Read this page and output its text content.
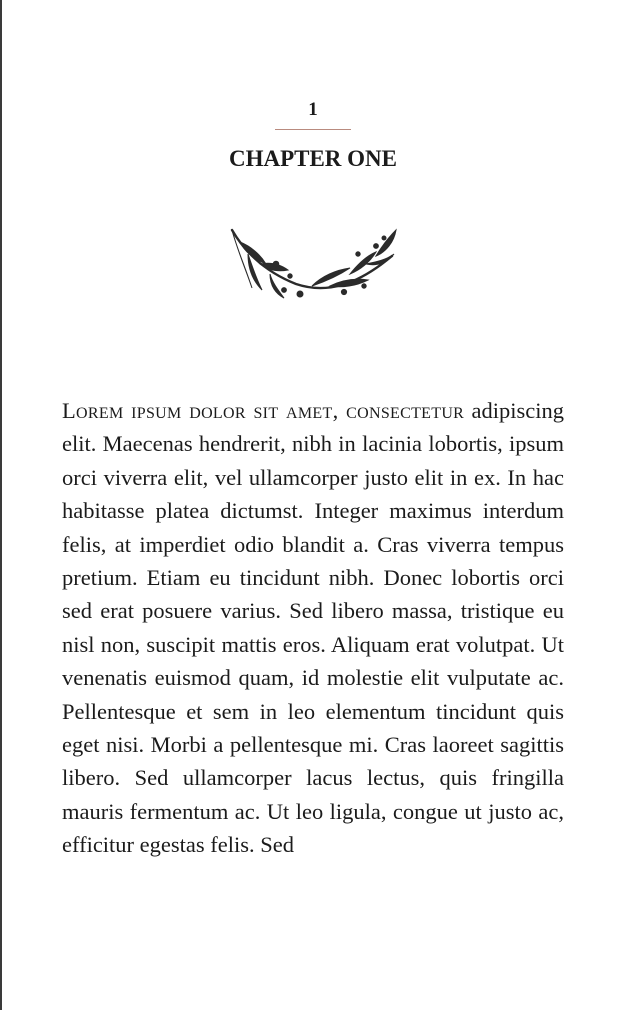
1
CHAPTER ONE

Lorem ipsum dolor sit amet, consectetur adipiscing elit. Maecenas hendrerit, nibh in lacinia lobortis, ipsum orci viverra elit, vel ullamcorper justo elit in ex. In hac habitasse platea dictumst. Integer maximus interdum felis, at imperdiet odio blandit a. Cras viverra tempus pretium. Etiam eu tincidunt nibh. Donec lobortis orci sed erat posuere varius. Sed libero massa, tristique eu nisl non, suscipit mattis eros. Aliquam erat volutpat. Ut venenatis euismod quam, id molestie elit vulputate ac. Pellentesque et sem in leo elementum tincidunt quis eget nisi. Morbi a pellentesque mi. Cras laoreet sagittis libero. Sed ullamcorper lacus lectus, quis fringilla mauris fermentum ac. Ut leo ligula, congue ut justo ac, efficitur egestas felis. Sed
